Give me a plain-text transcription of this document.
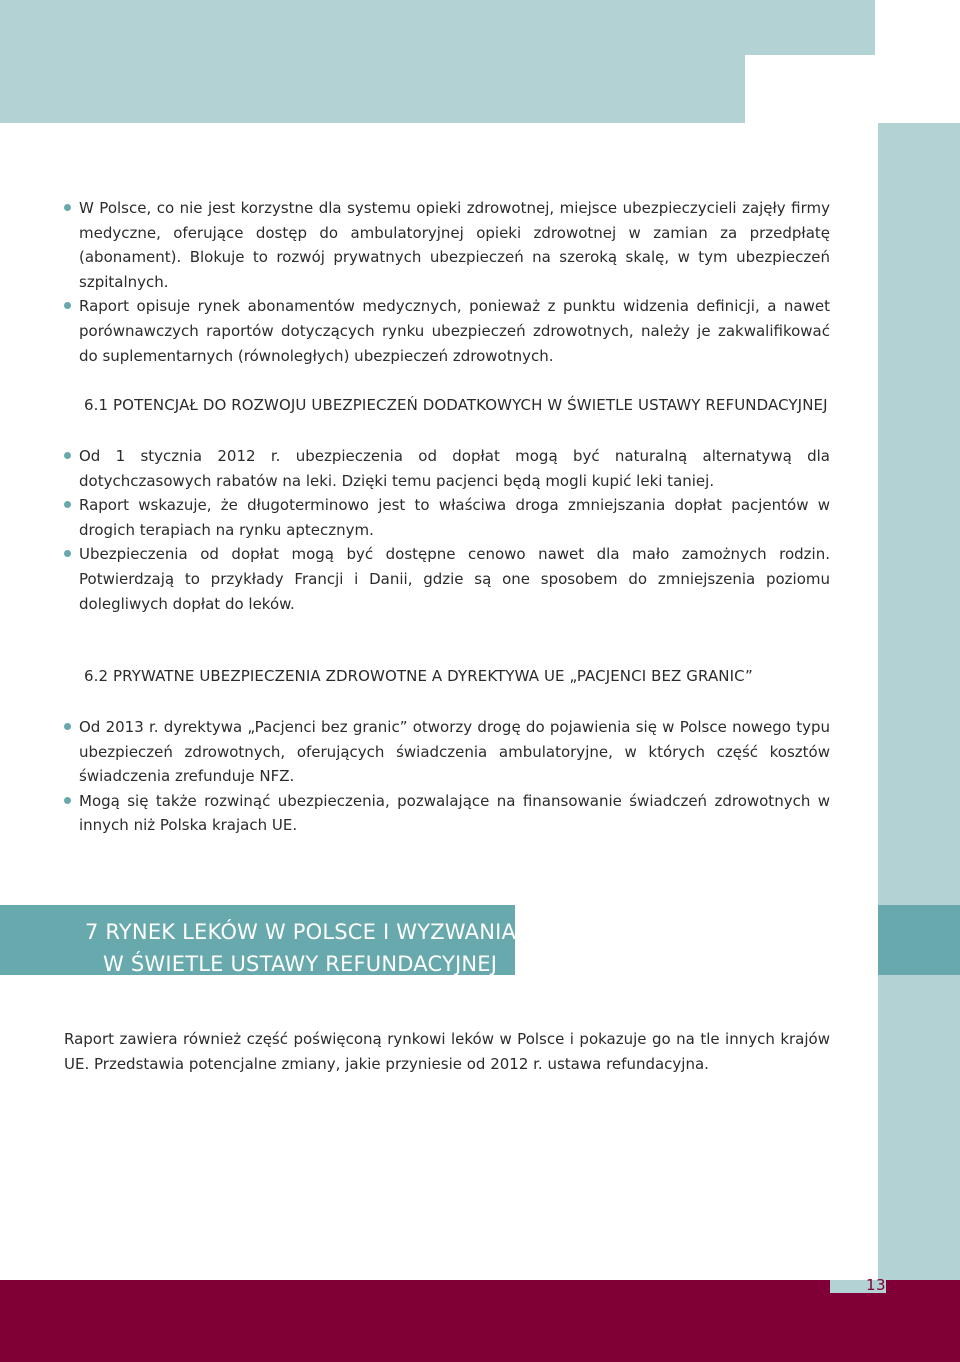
W Polsce, co nie jest korzystne dla systemu opieki zdrowotnej, miejsce ubezpieczycieli zajęły firmy medyczne, oferujące dostęp do ambulatoryjnej opieki zdrowotnej w zamian za przedpłatę (abonament). Blokuje to rozwój prywatnych ubezpieczeń na szeroką skalę, w tym ubezpieczeń szpitalnych.
Raport opisuje rynek abonamentów medycznych, ponieważ z punktu widzenia definicji, a nawet porównawczych raportów dotyczących rynku ubezpieczeń zdrowotnych, należy je zakwalifikować do suplementarnych (równoległych) ubezpieczeń zdrowotnych.
6.1 POTENCJAŁ DO ROZWOJU UBEZPIECZEŃ DODATKOWYCH W ŚWIETLE USTAWY REFUNDACYJNEJ
Od 1 stycznia 2012 r. ubezpieczenia od dopłat mogą być naturalną alternatywą dla dotychczasowych rabatów na leki. Dzięki temu pacjenci będą mogli kupić leki taniej.
Raport wskazuje, że długoterminowo jest to właściwa droga zmniejszania dopłat pacjentów w drogich terapiach na rynku aptecznym.
Ubezpieczenia od dopłat mogą być dostępne cenowo nawet dla mało zamożnych rodzin. Potwierdzają to przykłady Francji i Danii, gdzie są one sposobem do zmniejszenia poziomu dolegliwych dopłat do leków.
6.2 PRYWATNE UBEZPIECZENIA ZDROWOTNE A DYREKTYWA UE „PACJENCI BEZ GRANIC”
Od 2013 r. dyrektywa „Pacjenci bez granic” otworzy drogę do pojawienia się w Polsce nowego typu ubezpieczeń zdrowotnych, oferujących świadczenia ambulatoryjne, w których część kosztów świadczenia zrefunduje NFZ.
Mogą się także rozwinąć ubezpieczenia, pozwalające na finansowanie świadczeń zdrowotnych w innych niż Polska krajach UE.
7 RYNEK LEKÓW W POLSCE I WYZWANIA
W ŚWIETLE USTAWY REFUNDACYJNEJ
Raport zawiera również część poświęconą rynkowi leków w Polsce i pokazuje go na tle innych krajów UE. Przedstawia potencjalne zmiany, jakie przyniesie od 2012 r. ustawa refundacyjna.
13
